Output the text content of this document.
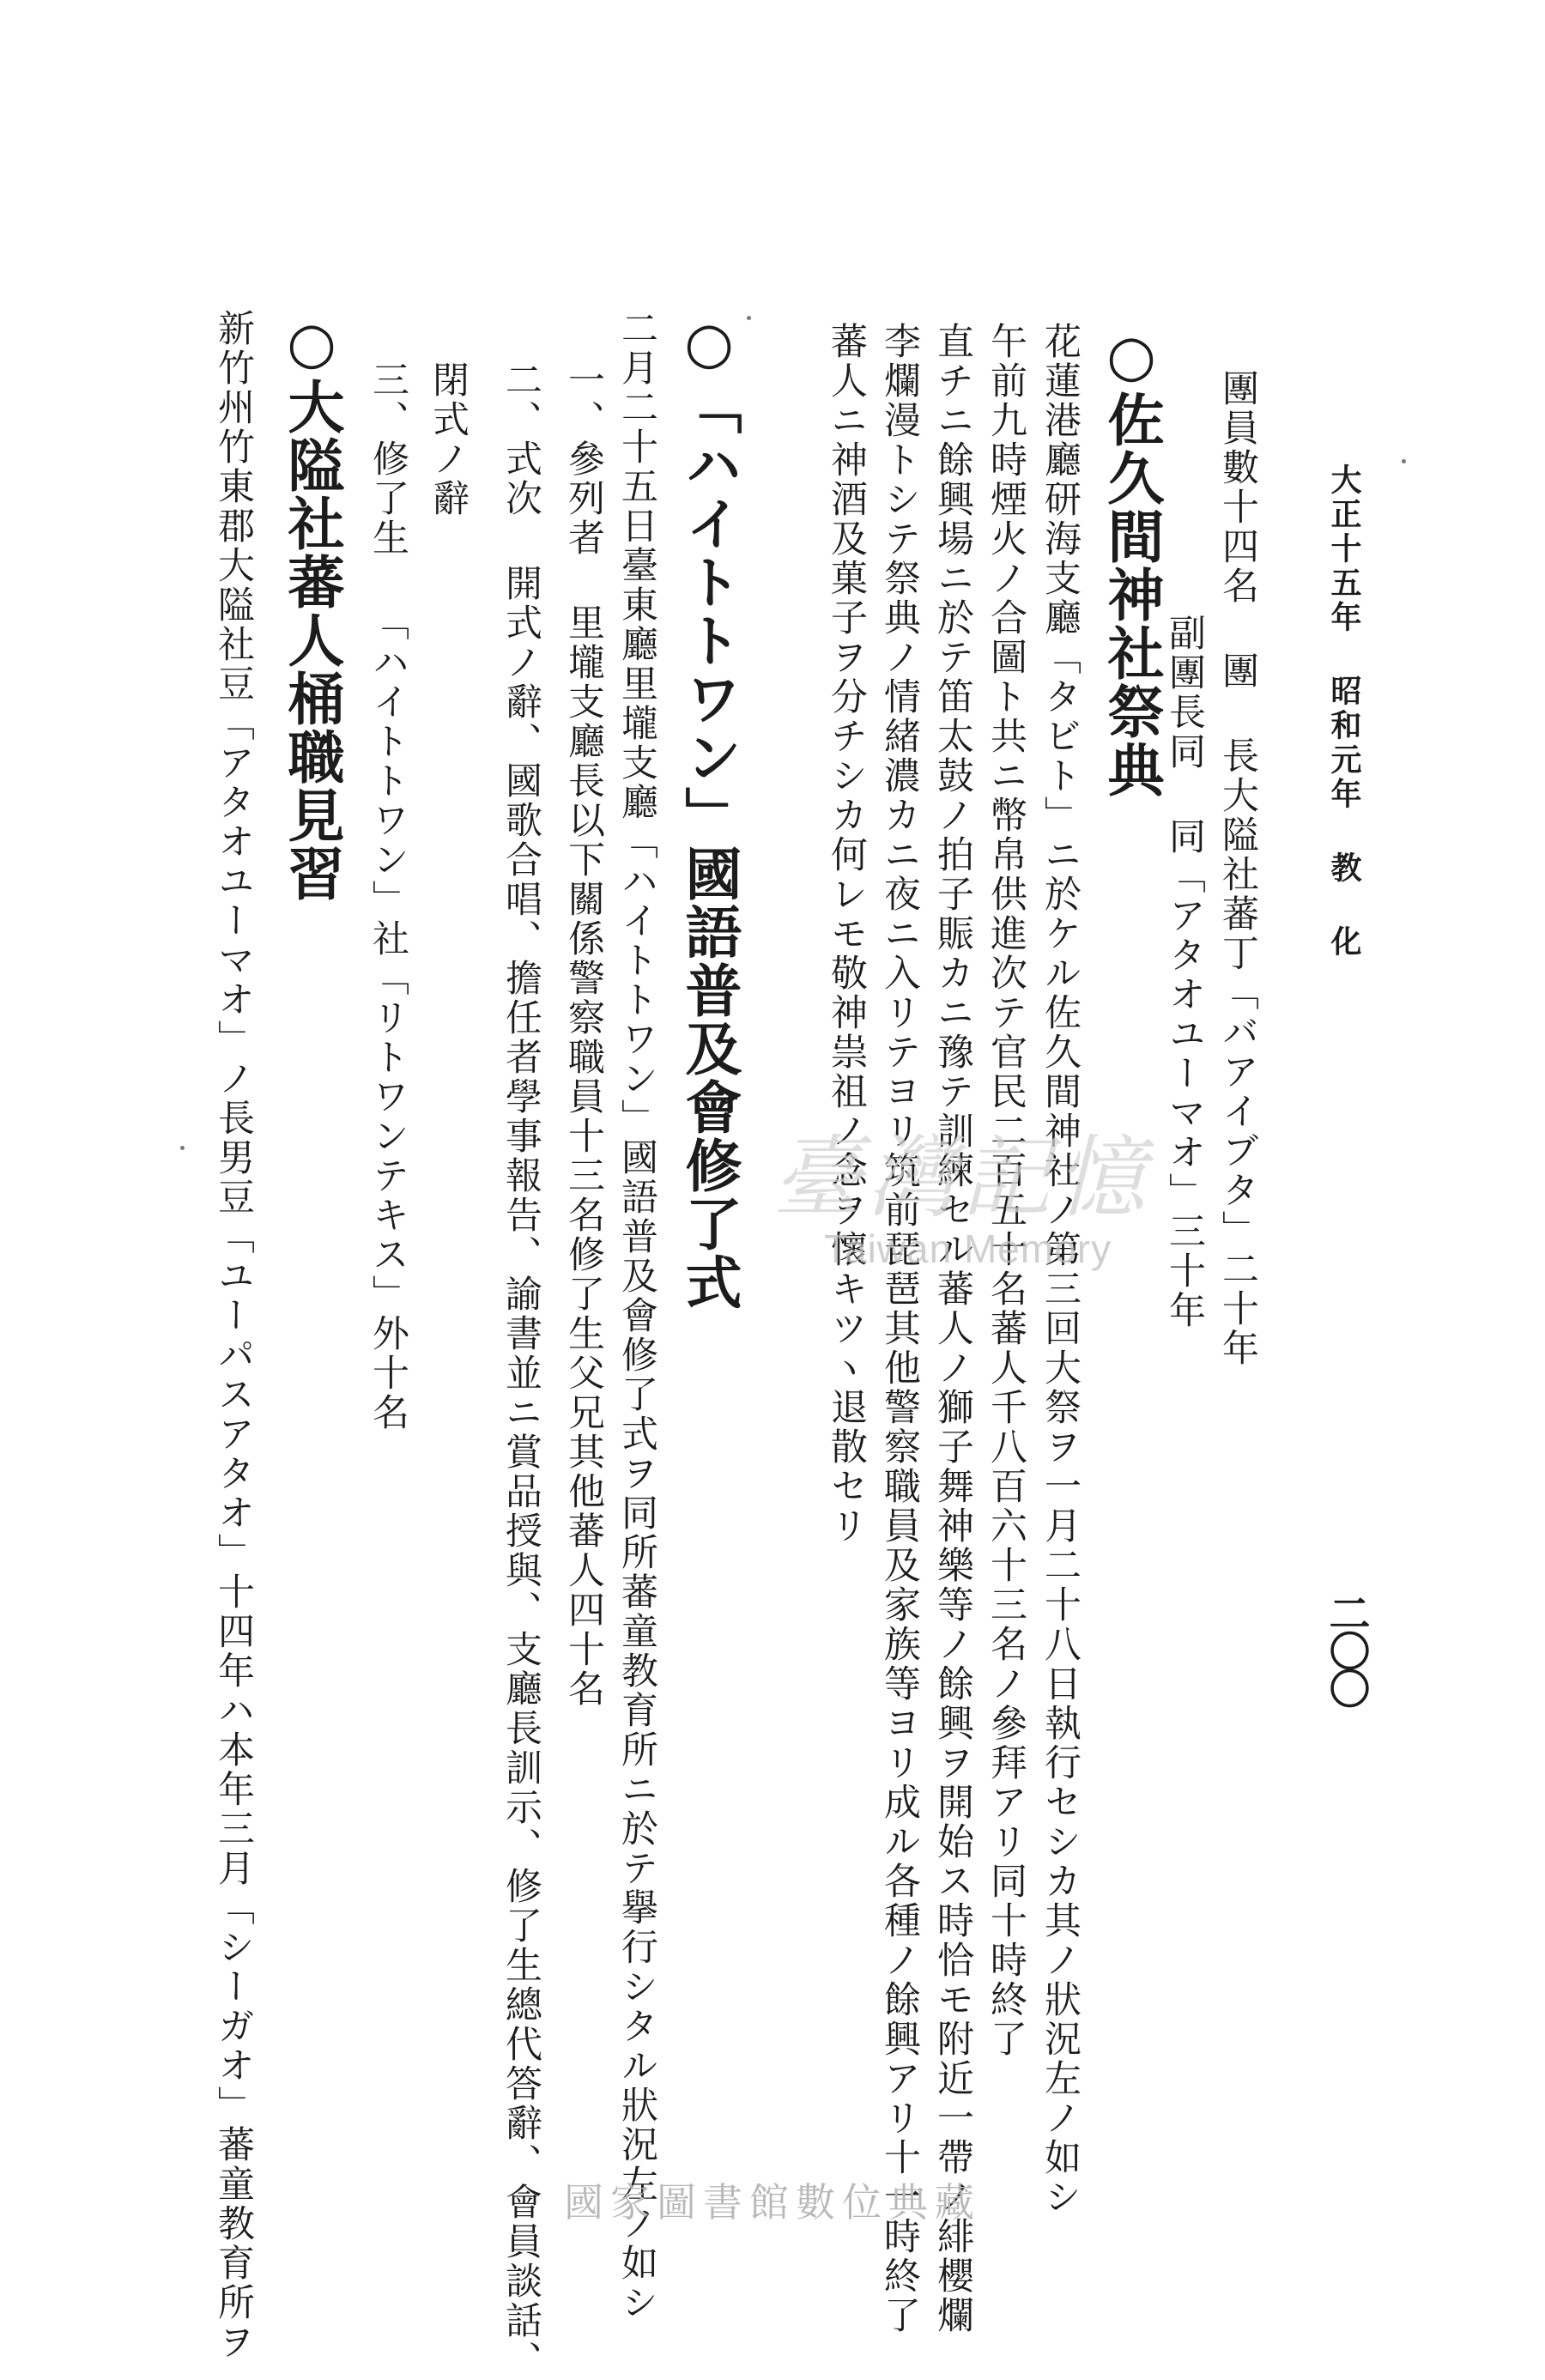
大正十五年 昭和元年 教 化
二〇〇
團員數十四名 團 長大隘社蕃丁「バアイブタ」二十年
副團長同 同「アタオユーマオ」三十年
○佐久間神社祭典
花蓮港廳研海支廳「タビト」ニ於ケル佐久間神社ノ第三回大祭ヲ一月二十八日執行セシカ其ノ狀況左ノ如シ
午前九時煙火ノ合圖ト共ニ幣帛供進次テ官民二百五十名蕃人千八百六十三名ノ參拜アリ同十時終了
直チニ餘興場ニ於テ笛太鼓ノ拍子賑カニ豫テ訓練セル蕃人ノ獅子舞神樂等ノ餘興ヲ開始ス時恰モ附近一帶ノ緋櫻爛
李爛漫トシテ祭典ノ情緒濃カニ夜ニ入リテヨリ筑前琵琶其他警察職員及家族等ヨリ成ル各種ノ餘興アリ十一時終了
蕃人ニ神酒及菓子ヲ分チシカ何レモ敬神祟祖ノ念ヲ懷キツヽ退散セリ
○「ハイトトワン」國語普及會修了式
二月二十五日臺東廳里壠支廳「ハイトトワン」國語普及會修了式ヲ同所蕃童教育所ニ於テ擧行シタル狀況左ノ如シ
一、參列者 里壠支廳長以下關係警察職員十三名修了生父兄其他蕃人四十名
二、式次 開式ノ辭、國歌合唱、擔任者學事報告、諭書並ニ賞品授與、支廳長訓示、修了生總代答辭、會員談話、
閉式ノ辭
三、修了生 「ハイトトワン」社「リトワンテキス」外十名
○大隘社蕃人桶職見習
新竹州竹東郡大隘社豆「アタオユーマオ」ノ長男豆「ユーパスアタオ」十四年ハ本年三月「シーガオ」蕃童教育所ヲ	臺灣記憶
Taiwan Memory
國家圖書館數位典藏
